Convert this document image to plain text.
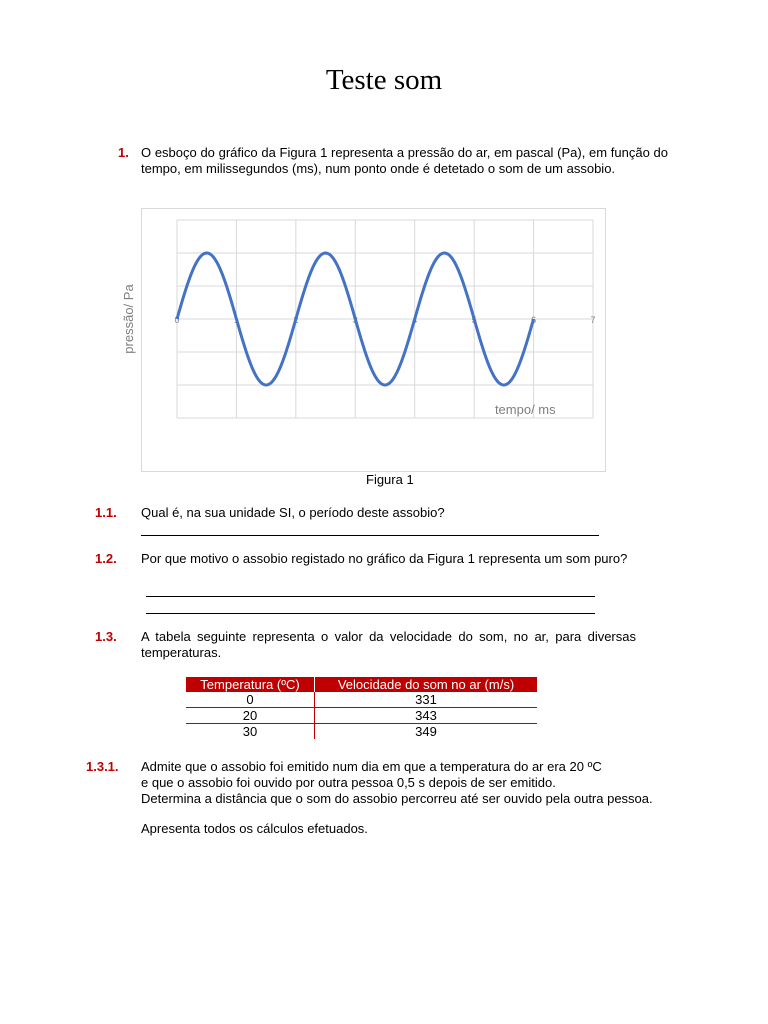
Teste som
1. O esboço do gráfico da Figura 1 representa a pressão do ar, em pascal (Pa), em função do tempo, em milissegundos (ms), num ponto onde é detetado o som de um assobio.
0	1	2	3	4	5	6	7
pressão/ Pa
tempo/ ms
Figura 1
1.1. Qual é, na sua unidade SI, o período deste assobio?
1.2. Por que motivo o assobio registado no gráfico da Figura 1 representa um som puro?
1.3. A tabela seguinte representa o valor da velocidade do som, no ar, para diversas temperaturas.
Temperatura (ºC)	Velocidade do som no ar (m/s)
0	331
20	343
30	349
1.3.1. Admite que o assobio foi emitido num dia em que a temperatura do ar era 20 ºC
e que o assobio foi ouvido por outra pessoa 0,5 s depois de ser emitido.
Determina a distância que o som do assobio percorreu até ser ouvido pela outra pessoa.
Apresenta todos os cálculos efetuados.
